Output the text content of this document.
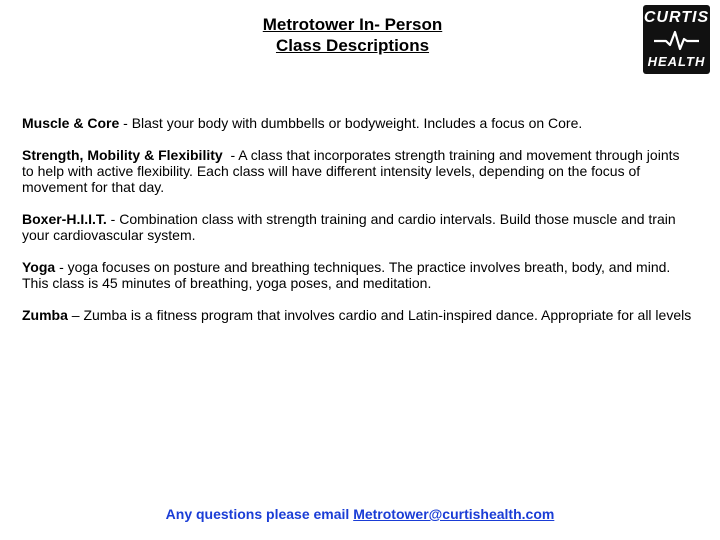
Metrotower In- Person
Class Descriptions
CURTIS
HEALTH

Muscle & Core - Blast your body with dumbbells or bodyweight. Includes a focus on Core.

Strength, Mobility & Flexibility  - A class that incorporates strength training and movement through joints to help with active flexibility. Each class will have different intensity levels, depending on the focus of movement for that day.

Boxer-H.I.I.T. - Combination class with strength training and cardio intervals. Build those muscle and train your cardiovascular system.

Yoga - yoga focuses on posture and breathing techniques. The practice involves breath, body, and mind. This class is 45 minutes of breathing, yoga poses, and meditation.

Zumba – Zumba is a fitness program that involves cardio and Latin-inspired dance. Appropriate for all levels

Any questions please email Metrotower@curtishealth.com
